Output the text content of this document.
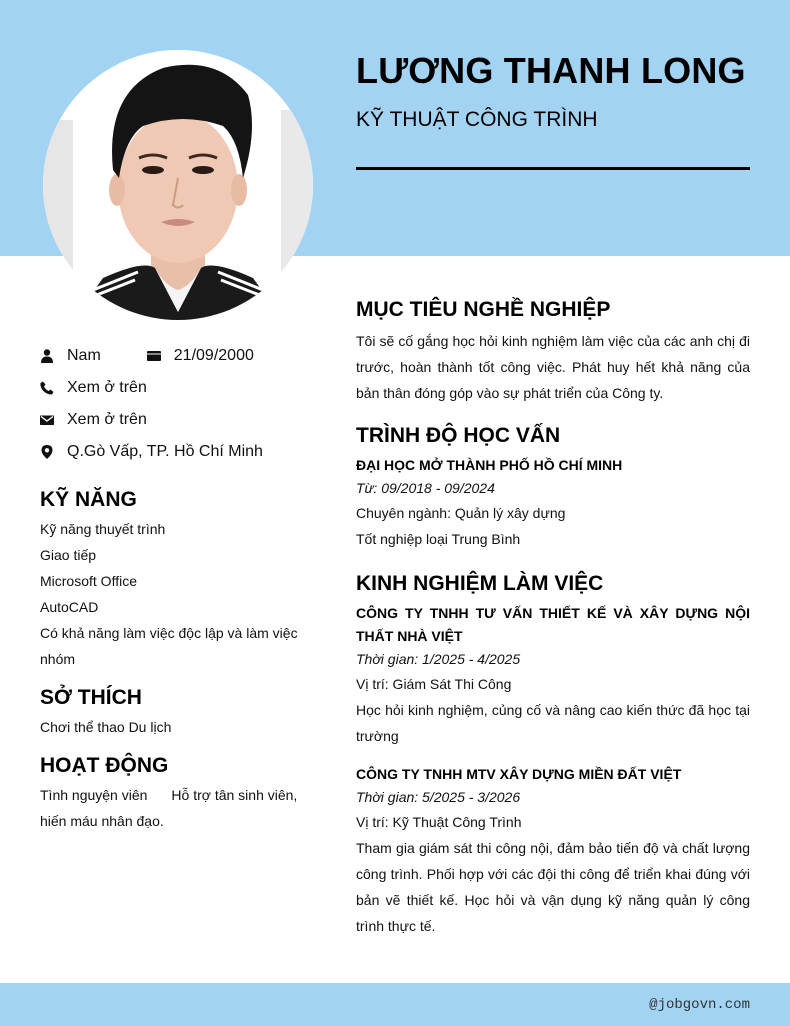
LƯƠNG THANH LONG
KỸ THUẬT CÔNG TRÌNH
Nam	21/09/2000
Xem ở trên
Xem ở trên
Q.Gò Vấp, TP. Hồ Chí Minh
KỸ NĂNG
Kỹ năng thuyết trình
Giao tiếp
Microsoft Office
AutoCAD
Có khả năng làm việc độc lập và làm việc nhóm
SỞ THÍCH
Chơi thể thao Du lịch
HOẠT ĐỘNG
Tình nguyện viên Hỗ trợ tân sinh viên, hiến máu nhân đạo.
MỤC TIÊU NGHỀ NGHIỆP
Tôi sẽ cố gắng học hỏi kinh nghiệm làm việc của các anh chị đi trước, hoàn thành tốt công việc. Phát huy hết khả năng của bản thân đóng góp vào sự phát triển của Công ty.
TRÌNH ĐỘ HỌC VẤN
ĐẠI HỌC MỞ THÀNH PHỐ HỒ CHÍ MINH
Từ: 09/2018 - 09/2024
Chuyên ngành: Quản lý xây dựng
Tốt nghiệp loại Trung Bình
KINH NGHIỆM LÀM VIỆC
CÔNG TY TNHH TƯ VẤN THIẾT KẾ VÀ XÂY DỰNG NỘI THẤT NHÀ VIỆT
Thời gian: 1/2025 - 4/2025
Vị trí: Giám Sát Thi Công
Học hỏi kinh nghiệm, củng cố và nâng cao kiến thức đã học tại trường
CÔNG TY TNHH MTV XÂY DỰNG MIỀN ĐẤT VIỆT
Thời gian: 5/2025 - 3/2026
Vị trí: Kỹ Thuật Công Trình
Tham gia giám sát thi công nội, đảm bảo tiến độ và chất lượng công trình. Phối hợp với các đội thi công để triển khai đúng với bản vẽ thiết kế. Học hỏi và vận dụng kỹ năng quản lý công trình thực tế.
@jobgovn.com
